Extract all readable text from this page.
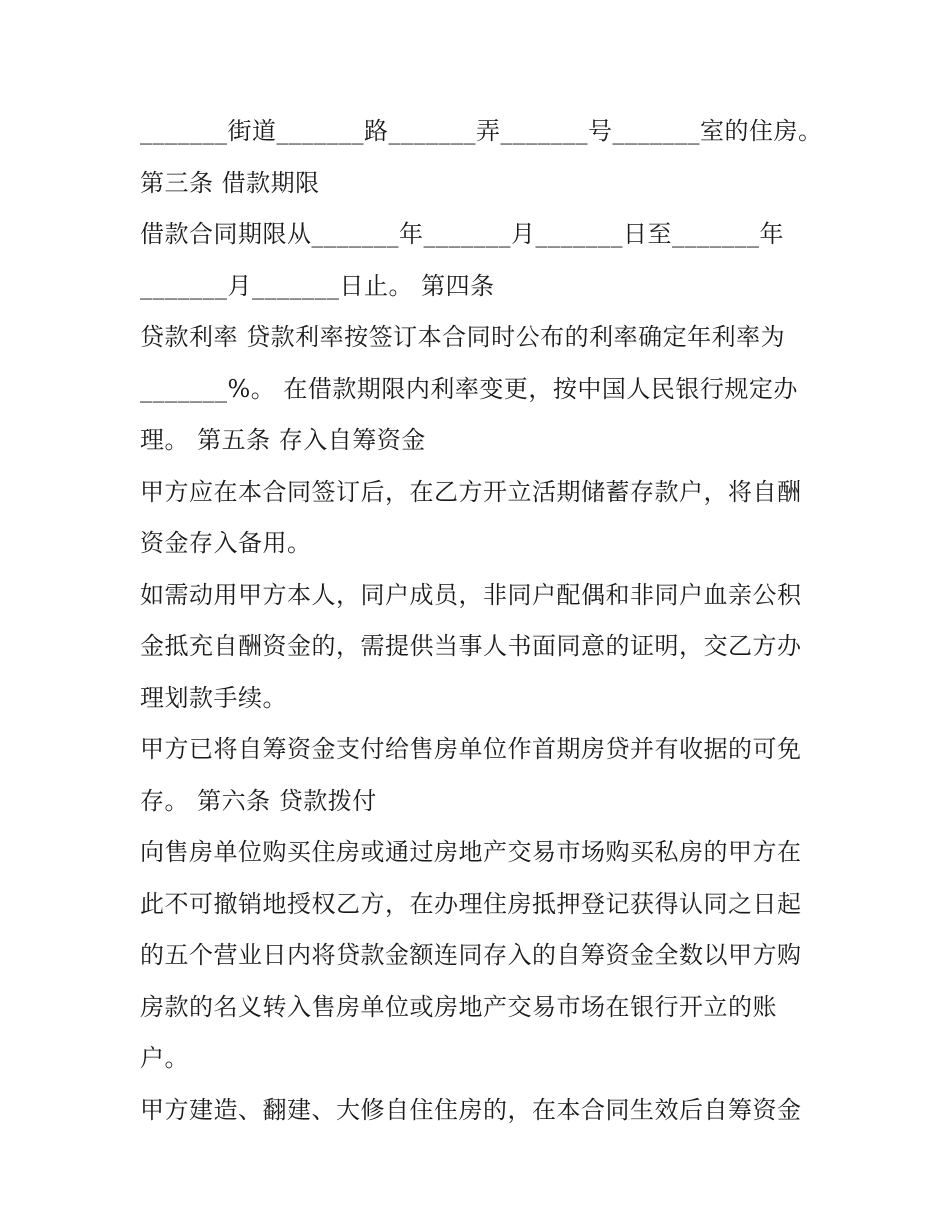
_______街道_______路_______弄_______号_______室的住房。
第三条 借款期限
借款合同期限从_______年_______月_______日至_______年
_______月_______日止。 第四条
贷款利率 贷款利率按签订本合同时公布的利率确定年利率为
_______%。 在借款期限内利率变更，按中国人民银行规定办
理。 第五条 存入自筹资金
甲方应在本合同签订后，在乙方开立活期储蓄存款户，将自酬
资金存入备用。
如需动用甲方本人，同户成员，非同户配偶和非同户血亲公积
金抵充自酬资金的，需提供当事人书面同意的证明，交乙方办
理划款手续。
甲方已将自筹资金支付给售房单位作首期房贷并有收据的可免
存。 第六条 贷款拨付
向售房单位购买住房或通过房地产交易市场购买私房的甲方在
此不可撤销地授权乙方，在办理住房抵押登记获得认同之日起
的五个营业日内将贷款金额连同存入的自筹资金全数以甲方购
房款的名义转入售房单位或房地产交易市场在银行开立的账
户。
甲方建造、翻建、大修自住住房的，在本合同生效后自筹资金
